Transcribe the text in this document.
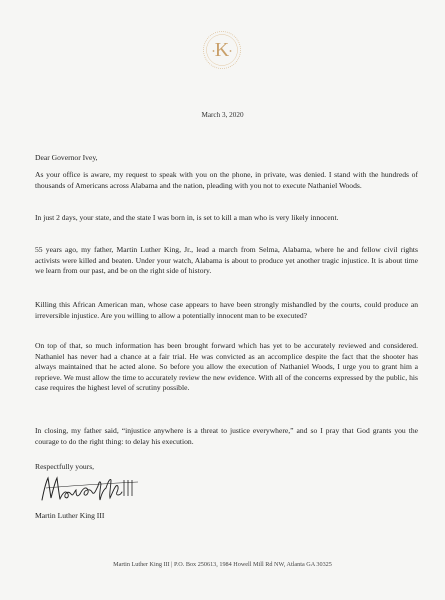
K
March 3, 2020

Dear Governor Ivey,

As your office is aware, my request to speak with you on the phone, in private, was denied. I stand with the hundreds of thousands of Americans across Alabama and the nation, pleading with you not to execute Nathaniel Woods.

In just 2 days, your state, and the state I was born in, is set to kill a man who is very likely innocent.

55 years ago, my father, Martin Luther King, Jr., lead a march from Selma, Alabama, where he and fellow civil rights activists were killed and beaten. Under your watch, Alabama is about to produce yet another tragic injustice. It is about time we learn from our past, and be on the right side of history.

Killing this African American man, whose case appears to have been strongly mishandled by the courts, could produce an irreversible injustice. Are you willing to allow a potentially innocent man to be executed?

On top of that, so much information has been brought forward which has yet to be accurately reviewed and considered. Nathaniel has never had a chance at a fair trial. He was convicted as an accomplice despite the fact that the shooter has always maintained that he acted alone. So before you allow the execution of Nathaniel Woods, I urge you to grant him a reprieve. We must allow the time to accurately review the new evidence. With all of the concerns expressed by the public, his case requires the highest level of scrutiny possible.

In closing, my father said, “injustice anywhere is a threat to justice everywhere,” and so I pray that God grants you the courage to do the right thing: to delay his execution.

Respectfully yours,

Martin Luther King III

Martin Luther King III | P.O. Box 250613, 1984 Howell Mill Rd NW, Atlanta GA 30325
